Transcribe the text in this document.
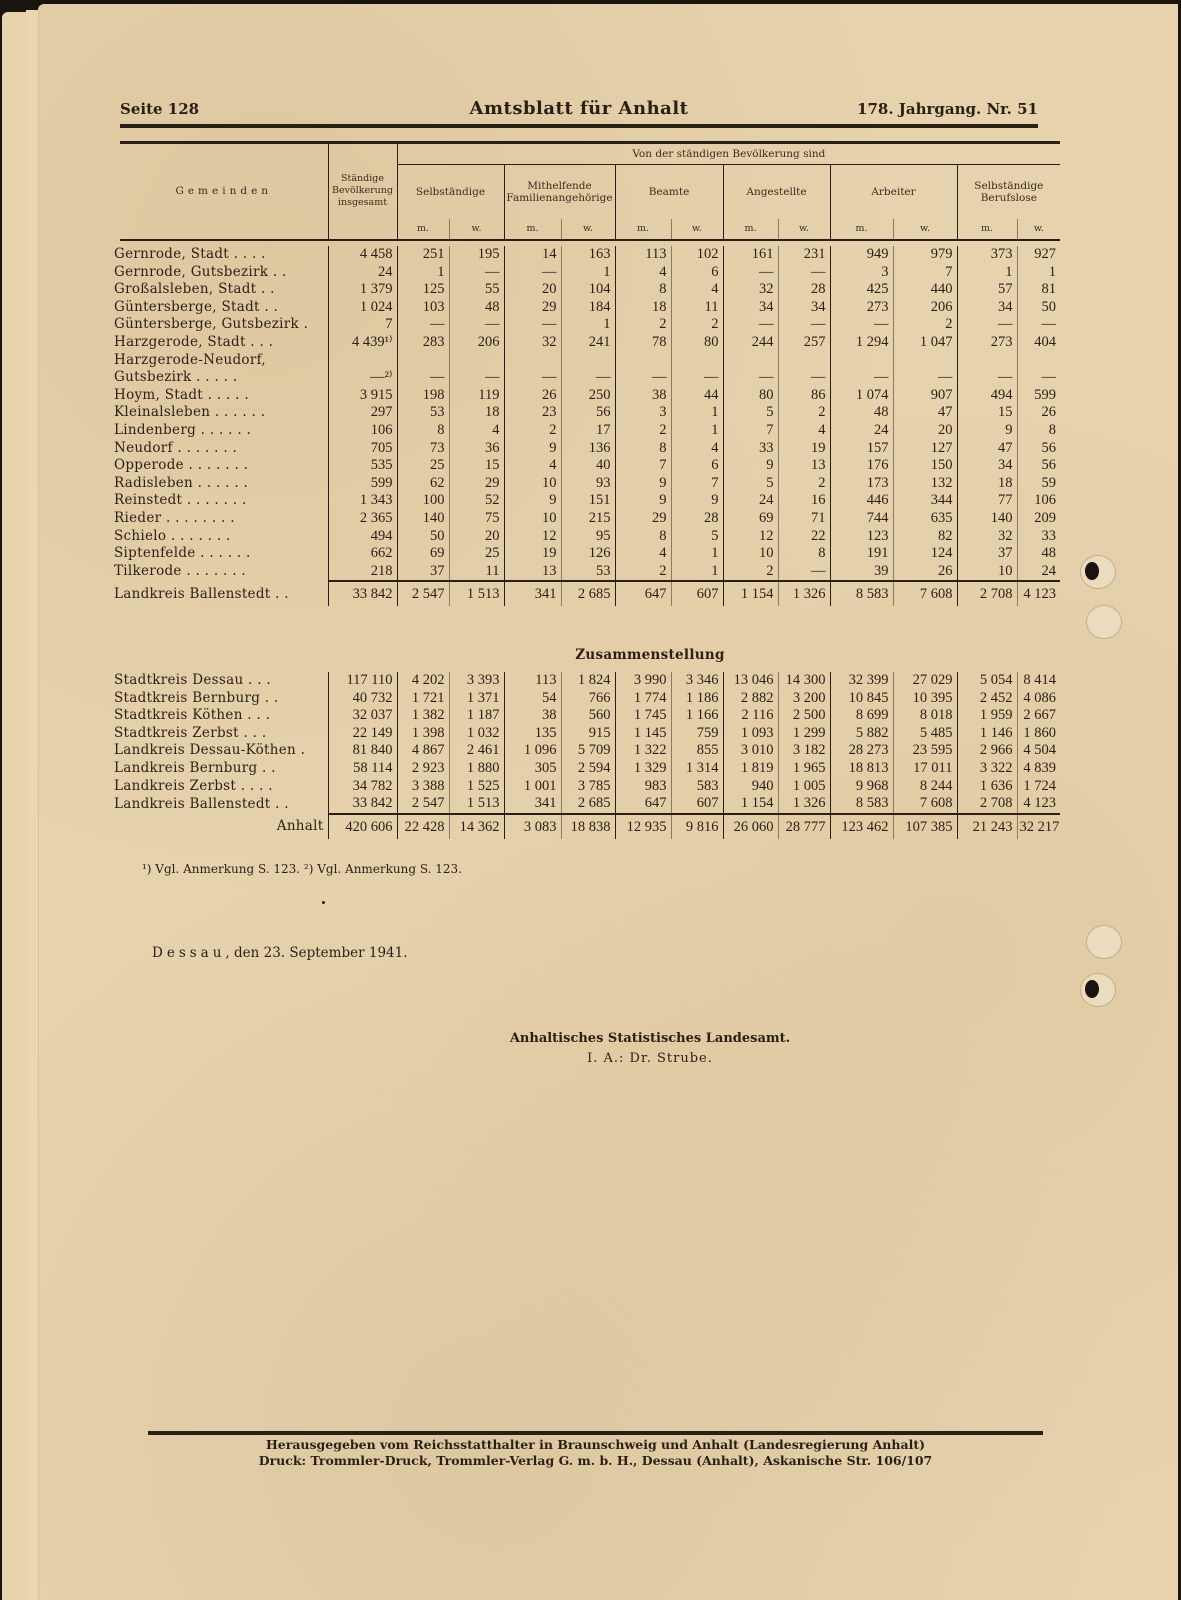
Seite 128	Amtsblatt für Anhalt	178. Jahrgang. Nr. 51
Gemeinden	Ständige Bevölkerung insgesamt	Von der ständigen Bevölkerung sind											
		Selbständige		Mithelfende Familienangehörige		Beamte		Angestellte		Arbeiter		Selbständige Berufslose	
		m.	w.	m.	w.	m.	w.	m.	w.	m.	w.	m.	w.
Gernrode, Stadt . . . .	4 458	251	195	14	163	113	102	161	231	949	979	373	927
Gernrode, Gutsbezirk . .	24	1	—	—	1	4	6	—	—	3	7	1	1
Großalsleben, Stadt . .	1 379	125	55	20	104	8	4	32	28	425	440	57	81
Güntersberge, Stadt . .	1 024	103	48	29	184	18	11	34	34	273	206	34	50
Güntersberge, Gutsbezirk .	7	—	—	—	1	2	2	—	—	—	2	—	—
Harzgerode, Stadt . . .	4 439¹⁾	283	206	32	241	78	80	244	257	1 294	1 047	273	404
Harzgerode-Neudorf,													
Gutsbezirk . . . . .	—²⁾	—	—	—	—	—	—	—	—	—	—	—	—
Hoym, Stadt . . . . .	3 915	198	119	26	250	38	44	80	86	1 074	907	494	599
Kleinalsleben . . . . . .	297	53	18	23	56	3	1	5	2	48	47	15	26
Lindenberg . . . . . .	106	8	4	2	17	2	1	7	4	24	20	9	8
Neudorf . . . . . . .	705	73	36	9	136	8	4	33	19	157	127	47	56
Opperode . . . . . . .	535	25	15	4	40	7	6	9	13	176	150	34	56
Radisleben . . . . . .	599	62	29	10	93	9	7	5	2	173	132	18	59
Reinstedt . . . . . . .	1 343	100	52	9	151	9	9	24	16	446	344	77	106
Rieder . . . . . . . .	2 365	140	75	10	215	29	28	69	71	744	635	140	209
Schielo . . . . . . .	494	50	20	12	95	8	5	12	22	123	82	32	33
Siptenfelde . . . . . .	662	69	25	19	126	4	1	10	8	191	124	37	48
Tilkerode . . . . . . .	218	37	11	13	53	2	1	2	—	39	26	10	24
Landkreis Ballenstedt . .	33 842	2 547	1 513	341	2 685	647	607	1 154	1 326	8 583	7 608	2 708	4 123
Zusammenstellung
Stadtkreis Dessau . . .	117 110	4 202	3 393	113	1 824	3 990	3 346	13 046	14 300	32 399	27 029	5 054	8 414
Stadtkreis Bernburg . .	40 732	1 721	1 371	54	766	1 774	1 186	2 882	3 200	10 845	10 395	2 452	4 086
Stadtkreis Köthen . . .	32 037	1 382	1 187	38	560	1 745	1 166	2 116	2 500	8 699	8 018	1 959	2 667
Stadtkreis Zerbst . . .	22 149	1 398	1 032	135	915	1 145	759	1 093	1 299	5 882	5 485	1 146	1 860
Landkreis Dessau-Köthen .	81 840	4 867	2 461	1 096	5 709	1 322	855	3 010	3 182	28 273	23 595	2 966	4 504
Landkreis Bernburg . .	58 114	2 923	1 880	305	2 594	1 329	1 314	1 819	1 965	18 813	17 011	3 322	4 839
Landkreis Zerbst . . . .	34 782	3 388	1 525	1 001	3 785	983	583	940	1 005	9 968	8 244	1 636	1 724
Landkreis Ballenstedt . .	33 842	2 547	1 513	341	2 685	647	607	1 154	1 326	8 583	7 608	2 708	4 123
Anhalt	420 606	22 428	14 362	3 083	18 838	12 935	9 816	26 060	28 777	123 462	107 385	21 243	32 217
¹) Vgl. Anmerkung S. 123. ²) Vgl. Anmerkung S. 123.
Dessau, den 23. September 1941.
Anhaltisches Statistisches Landesamt.
I. A.: Dr. Strube.
Herausgegeben vom Reichsstatthalter in Braunschweig und Anhalt (Landesregierung Anhalt)
Druck: Trommler-Druck, Trommler-Verlag G. m. b. H., Dessau (Anhalt), Askanische Str. 106/107
